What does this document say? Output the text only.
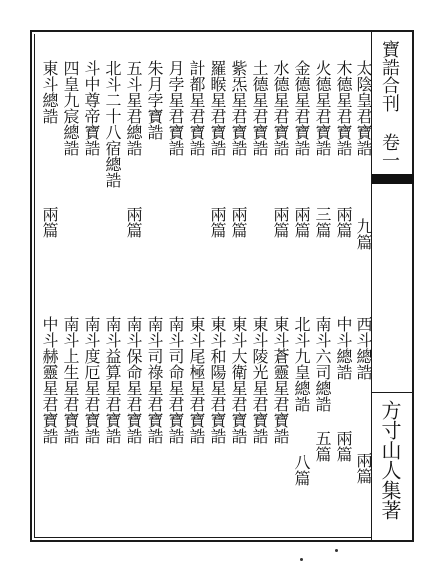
寶誥合刊 卷一
方寸山人集著
太陰皇君寶誥
九篇
木德星君寶誥
兩篇
火德星君寶誥
三篇
金德星君寶誥
兩篇
水德星君寶誥
兩篇
土德星君寶誥
紫炁星君寶誥
兩篇
羅睺星君寶誥
兩篇
計都星君寶誥
月孛星君寶誥
朱月孛寶誥
五斗星君總誥
兩篇
北斗二十八宿總誥
斗中尊帝寶誥
四皇九宸總誥
東斗總誥
兩篇
西斗總誥
兩篇
中斗總誥
兩篇
南斗六司總誥
五篇
北斗九皇總誥
八篇
東斗蒼靈星君寶誥
東斗陵光星君寶誥
東斗大衛星君寶誥
東斗和陽星君寶誥
東斗尾極星君寶誥
南斗司命星君寶誥
南斗司祿星君寶誥
南斗保命星君寶誥
南斗益算星君寶誥
南斗度厄星君寶誥
南斗上生星君寶誥
中斗赫靈星君寶誥
